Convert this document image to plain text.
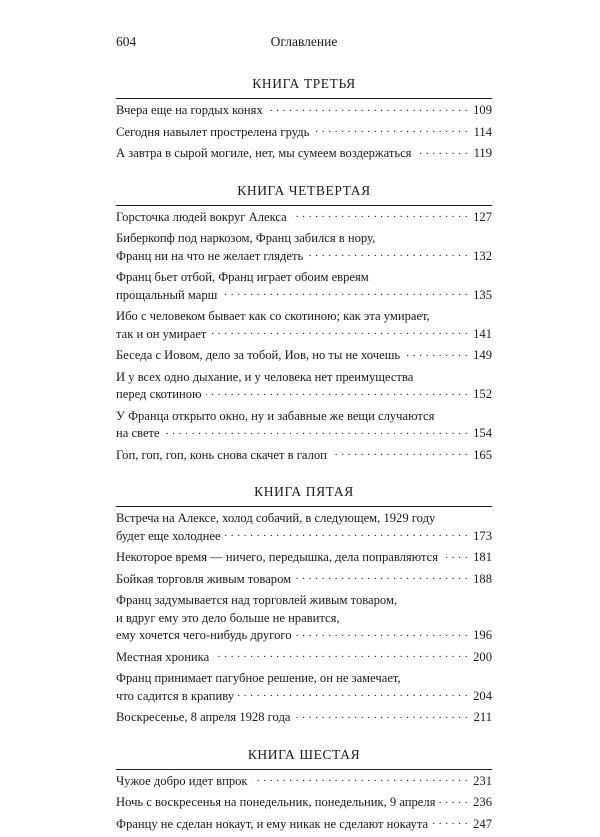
604	Оглавление
КНИГА ТРЕТЬЯ
Вчера еще на гордых конях . . .	109
Сегодня навылет прострелена грудь . . .	114
А завтра в сырой могиле, нет, мы сумеем воздержаться . . .	119
КНИГА ЧЕТВЕРТАЯ
Горсточка людей вокруг Алекса . . .	127
Биберкопф под наркозом, Франц забился в нору,
Франц ни на что не желает глядеть . . .	132
Франц бьет отбой, Франц играет обоим евреям
прощальный марш . . .	135
Ибо с человеком бывает как со скотиною; как эта умирает,
так и он умирает . . .	141
Беседа с Иовом, дело за тобой, Иов, но ты не хочешь . . .	149
И у всех одно дыхание, и у человека нет преимущества
перед скотиною . . .	152
У Франца открыто окно, ну и забавные же вещи случаются
на свете . . .	154
Гоп, гоп, гоп, конь снова скачет в галоп . . .	165
КНИГА ПЯТАЯ
Встреча на Алексе, холод собачий, в следующем, 1929 году
будет еще холоднее . . .	173
Некоторое время — ничего, передышка, дела поправляются . . .	181
Бойкая торговля живым товаром . . .	188
Франц задумывается над торговлей живым товаром,
и вдруг ему это дело больше не нравится,
ему хочется чего-нибудь другого . . .	196
Местная хроника . . .	200
Франц принимает пагубное решение, он не замечает,
что садится в крапиву . . .	204
Воскресенье, 8 апреля 1928 года . . .	211
КНИГА ШЕСТАЯ
Чужое добро идет впрок . . .	231
Ночь с воскресенья на понедельник, понедельник, 9 апреля . . .	236
Францу не сделан нокаут, и ему никак не сделают нокаута . . .	247
